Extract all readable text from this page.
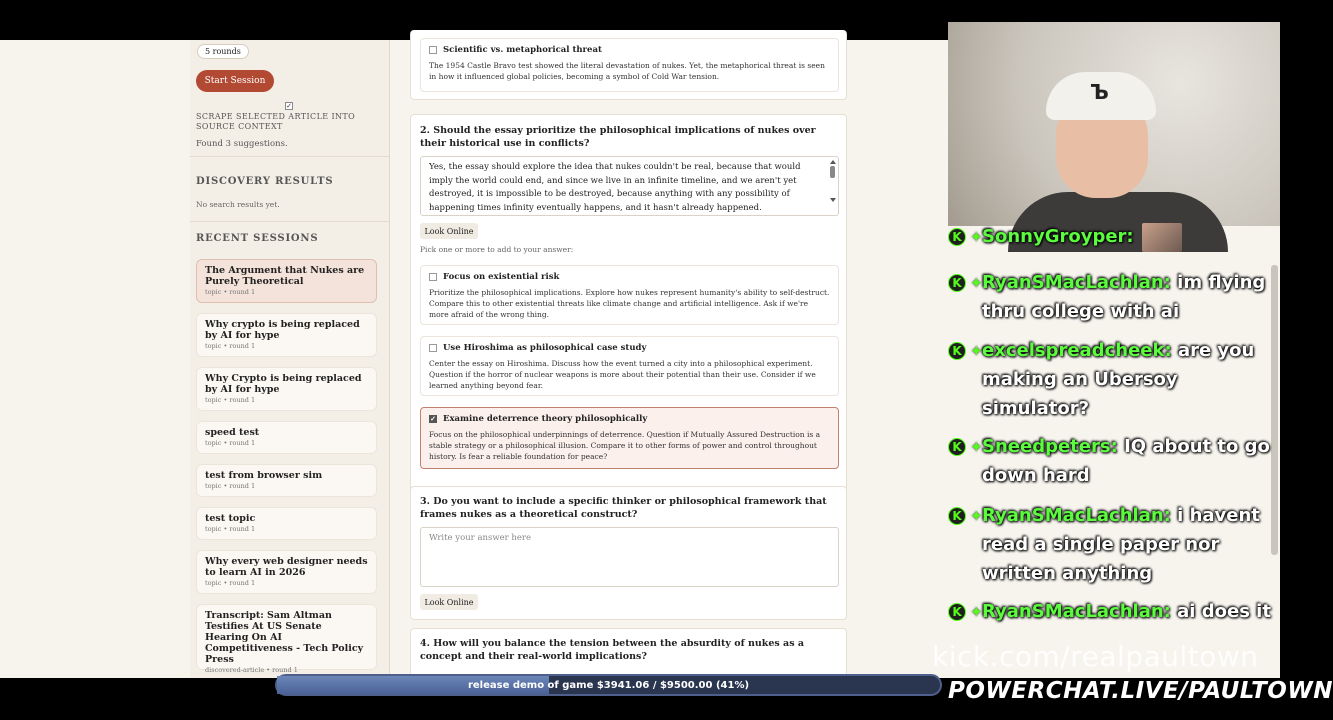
5 rounds
Start Session
✓
SCRAPE SELECTED ARTICLE INTO SOURCE CONTEXT
Found 3 suggestions.
DISCOVERY RESULTS
No search results yet.
RECENT SESSIONS
The Argument that Nukes are Purely Theoretical
topic • round 1
Why crypto is being replaced by AI for hype
topic • round 1
Why Crypto is being replaced by AI for hype
topic • round 1
speed test
topic • round 1
test from browser sim
topic • round 1
test topic
topic • round 1
Why every web designer needs to learn AI in 2026
topic • round 1
Transcript: Sam Altman Testifies At US Senate Hearing On AI Competitiveness - Tech Policy Press
discovered-article • round 1
Scientific vs. metaphorical threat
The 1954 Castle Bravo test showed the literal devastation of nukes. Yet, the metaphorical threat is seen in how it influenced global policies, becoming a symbol of Cold War tension.
2. Should the essay prioritize the philosophical implications of nukes over their historical use in conflicts?
Yes, the essay should explore the idea that nukes couldn't be real, because that would imply the world could end, and since we live in an infinite timeline, and we aren't yet destroyed, it is impossible to be destroyed, because anything with any possibility of happening times infinity eventually happens, and it hasn't already happened.
Look Online
Pick one or more to add to your answer:
Focus on existential risk
Prioritize the philosophical implications. Explore how nukes represent humanity's ability to self-destruct. Compare this to other existential threats like climate change and artificial intelligence. Ask if we're more afraid of the wrong thing.
Use Hiroshima as philosophical case study
Center the essay on Hiroshima. Discuss how the event turned a city into a philosophical experiment. Question if the horror of nuclear weapons is more about their potential than their use. Consider if we learned anything beyond fear.
✓ Examine deterrence theory philosophically
Focus on the philosophical underpinnings of deterrence. Question if Mutually Assured Destruction is a stable strategy or a philosophical illusion. Compare it to other forms of power and control throughout history. Is fear a reliable foundation for peace?
3. Do you want to include a specific thinker or philosophical framework that frames nukes as a theoretical construct?
Write your answer here
Look Online
4. How will you balance the tension between the absurdity of nukes as a concept and their real-world implications?
Ъ
K ✦ SonnyGroyper:
K ✦ RyanSMacLachlan: im flying thru college with ai
K ✦ excelspreadcheek: are you making an Ubersoy simulator?
K ✦ Sneedpeters: IQ about to go down hard
K ✦ RyanSMacLachlan: i havent read a single paper nor written anything
K ✦ RyanSMacLachlan: ai does it
kick.com/realpaultown
release demo of game $3941.06 / $9500.00 (41%)	POWERCHAT.LIVE/PAULTOWN
